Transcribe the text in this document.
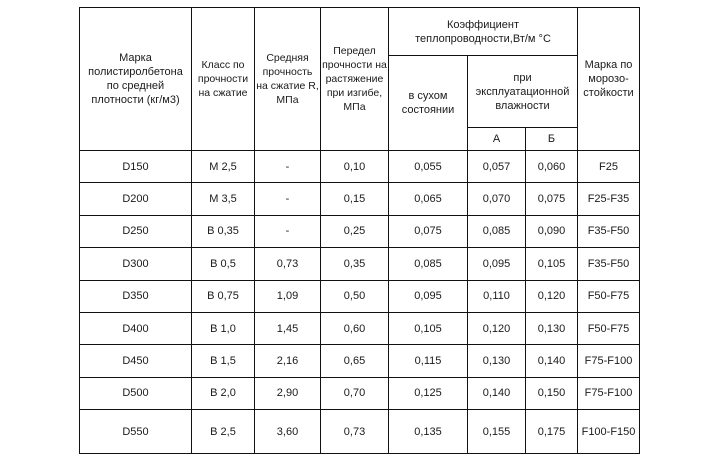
Марка полистиролбетона по средней плотности (кг/м3)	Класс по прочности на сжатие	Средняя прочность на сжатие R, МПа	Передел прочности на растяжение при изгибе, МПа	Коэффициент теплопроводности,Вт/м °С			Марка по морозо-стойкости
				в сухом состоянии	при эксплуатационной влажности		
					А	Б	
D150	М 2,5	-	0,10	0,055	0,057	0,060	F25
D200	М 3,5	-	0,15	0,065	0,070	0,075	F25-F35
D250	В 0,35	-	0,25	0,075	0,085	0,090	F35-F50
D300	В 0,5	0,73	0,35	0,085	0,095	0,105	F35-F50
D350	В 0,75	1,09	0,50	0,095	0,110	0,120	F50-F75
D400	В 1,0	1,45	0,60	0,105	0,120	0,130	F50-F75
D450	В 1,5	2,16	0,65	0,115	0,130	0,140	F75-F100
D500	В 2,0	2,90	0,70	0,125	0,140	0,150	F75-F100
D550	В 2,5	3,60	0,73	0,135	0,155	0,175	F100-F150
